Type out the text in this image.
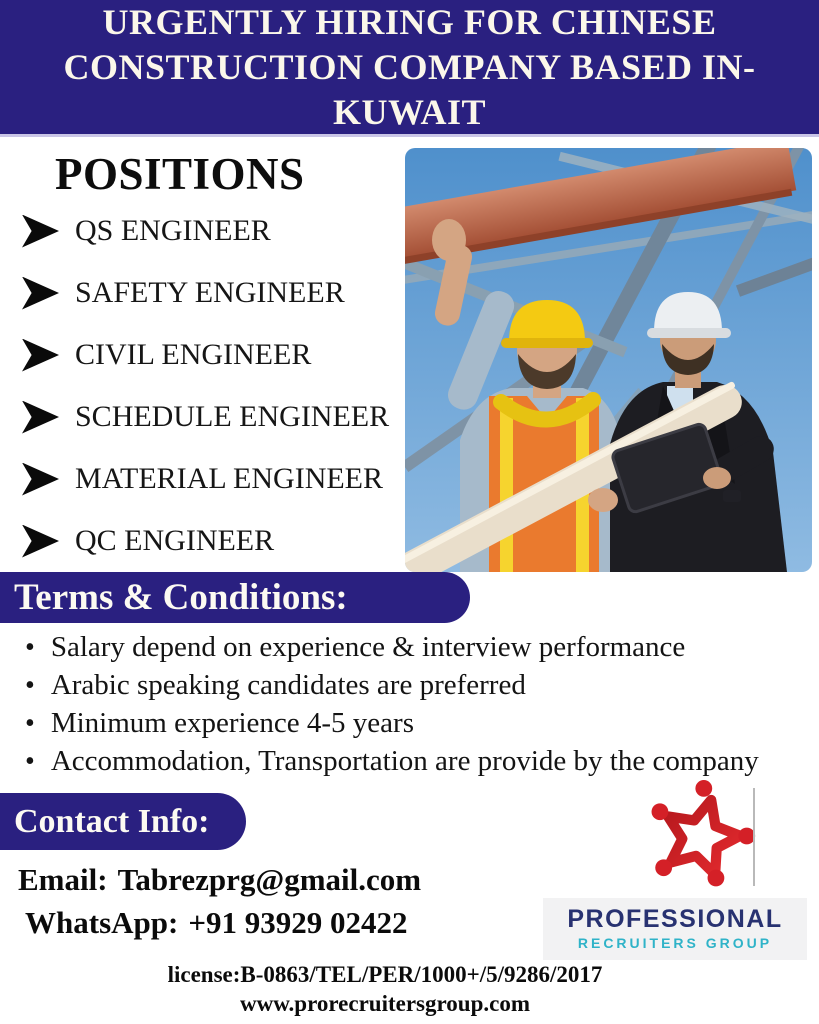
URGENTLY HIRING FOR CHINESE CONSTRUCTION COMPANY BASED IN-KUWAIT
POSITIONS
QS ENGINEER
SAFETY ENGINEER
CIVIL ENGINEER
SCHEDULE ENGINEER
MATERIAL ENGINEER
QC ENGINEER
Terms & Conditions:
• Salary depend on experience & interview performance
• Arabic speaking candidates are preferred
• Minimum experience 4-5 years
• Accommodation, Transportation are provide by the company
Contact Info:
Email: Tabrezprg@gmail.com
WhatsApp: +91 93929 02422	PROFESSIONAL
RECRUITERS GROUP
license:B-0863/TEL/PER/1000+/5/9286/2017
www.prorecruitersgroup.com
